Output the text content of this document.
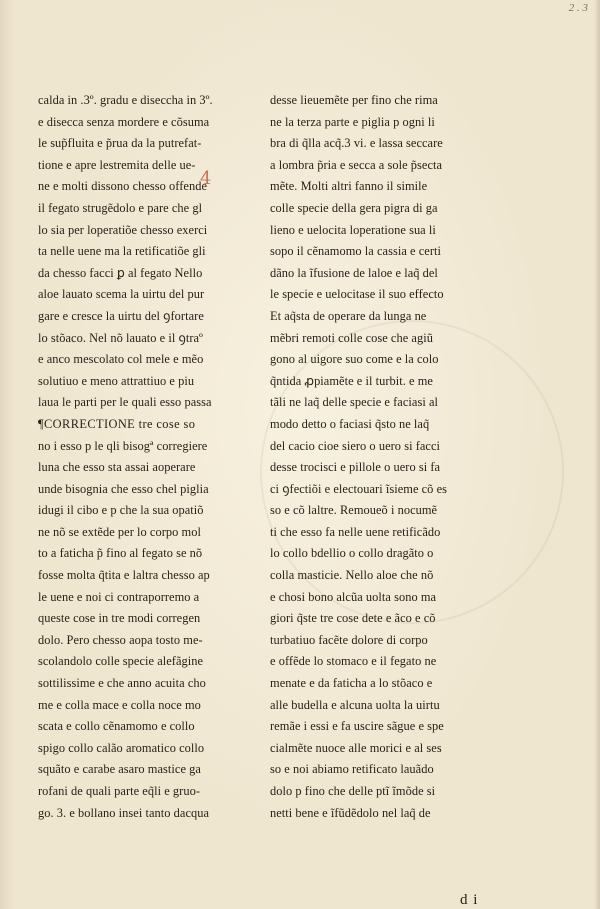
2 . 3
4
calda in .3º. gradu e disecchа in 3º.
e disecca senza mordere e cõsuma
le sup̃fluita e p̃rua da la putrefat-
tione e apre lestremita delle ue-
ne e molti dissono chesso offende
il fegato strugẽdolo e pare che gl
lo sia per loperatiõe chesso exerci
ta nelle uene ma la retificatiõe gli
da chesso facci ꝑ al fegato Nello
aloe lauato scema la uirtu del pur
gare e cresce la uirtu del ꝯfortare
lo stõaco. Nel nõ lauato e il ꝯtraº
e anco mescolato col mele e mẽo
solutiuo e meno attrattiuo e piu
laua le parti per le quali esso passa
¶CORRECTIONE tre cose so
no i esso p le qli bisogª corregiere
luna che esso sta assai aoperare
unde bisognia che esso chel piglia
idugi il cibo e p che la sua opatiõ
ne nõ se extẽde per lo corpo mol
to a faticha p̃ fino al fegato se nõ
fosse molta q̃tita e laltra chesso ap
le uene e noi ci contraporremo a
queste cose in tre modi corregen
dolo. Pero chesso aopa tosto me-
scolandolo colle specie alefãgine
sottilissime e che anno acuita cho
me e colla mace e colla noce mo
scata e collo cẽnamomo e collo
spigo collo calão aromatico collo
squãto e carabe asaro mastice ga
rofani de quali parte eq̃li e gruo-
go. 3. e bollano insei tanto dacqua
desse lieuemẽte per fino che rima
ne la terza parte e piglia p ogni li
bra di q̃lla acq̃.3 vi. e lassa seccare
a lombra p̃ria e secca a sole p̃secta
mẽte. Molti altri fanno il simile
colle specie della gera pigra di ga
lieno e uelocita loperatione sua li
sopo il cẽnamomo la cassia e certi
dãno la ĩfusione de laloe e laq̃ del
le specie e uelocitase il suo effecto
Et aq̃sta de operare da lunga ne
mẽbri remoti colle cose che agiũ
gono al uigore suo come e la colo
q̃ntida ꝓpiamẽte e il turbit. e me
tãli ne laq̃ delle specie e faciasi al
modo detto o faciasi q̃sto ne laq̃
del cacio cioe siero o uero si facci
desse trocisci e pillole o uero si fa
ci ꝯfectiõi e electouari ĩsieme cõ es
so e cõ laltre. Remoueõ i nocumẽ
ti che esso fa nelle uene retificãdo
lo collo bdellio o collo dragãto o
colla masticie. Nello aloe che nõ
e chosi bono alcũa uolta sono ma
giori q̃ste tre cose dete e ãco e cõ
turbatiuo facẽte dolore di corpo
e offẽde lo stomaco e il fegato ne
menate e da faticha a lo stõaco e
alle budella e alcuna uolta la uirtu
remãe i essi e fa uscire sãgue e spe
cialmẽte nuoce alle morici e al ses
so e noi abiamo retificato lauãdo
dolo p fino che delle ptĩ ĩmõde si
netti bene e ĩfũdẽdolo nel laq̃ de
d i
